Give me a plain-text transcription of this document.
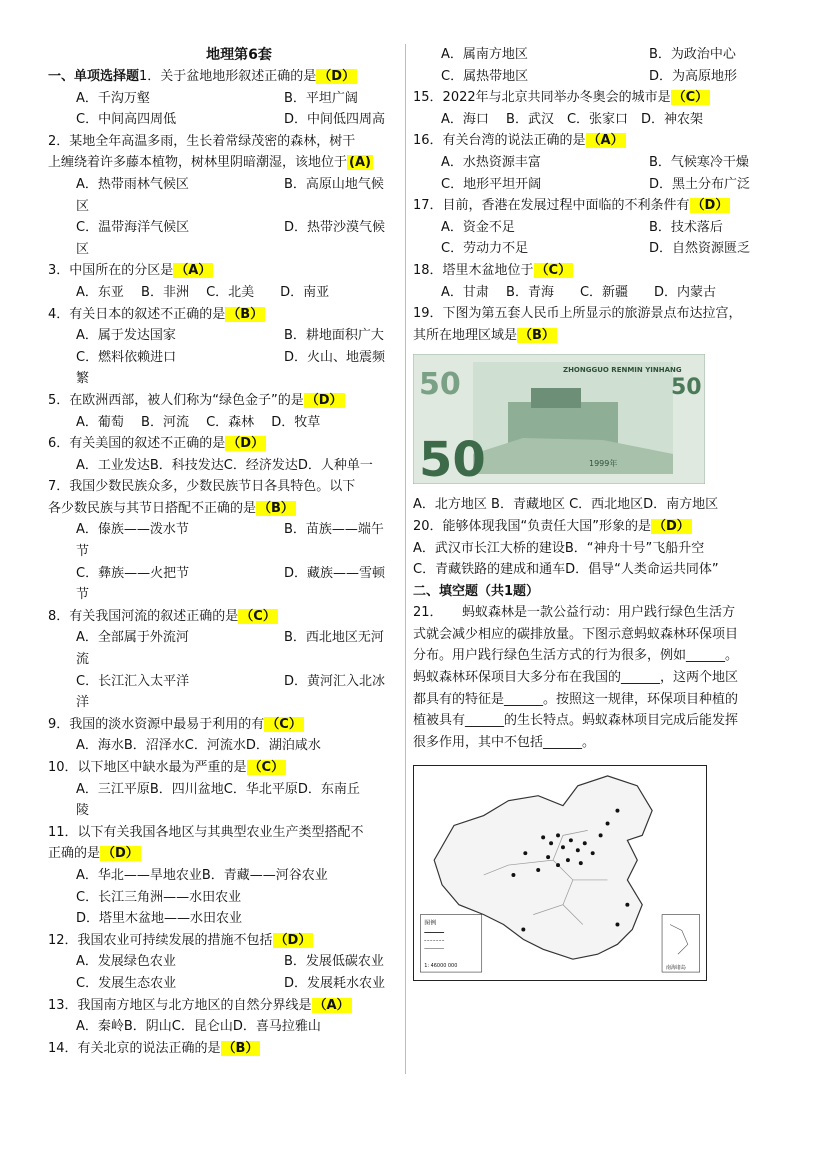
地理第6套
一、单项选择题1．关于盆地地形叙述正确的是 （D）
A．千沟万壑	B．平坦广阔
C．中间高四周低	D．中间低四周高
2．某地全年高温多雨，生长着常绿茂密的森林，树干
上缠绕着许多藤本植物，树林里阴暗潮湿，该地位于 (A)
A．热带雨林气候区	B．高原山地气候
区
C．温带海洋气候区	D．热带沙漠气候
区
3．中国所在的分区是 （A）
A．东亚　 B．非洲　 C．北美　　D．南亚
4．有关日本的叙述不正确的是 （B）
A．属于发达国家	B．耕地面积广大
C．燃料依赖进口	D．火山、地震频
繁
5．在欧洲西部，被人们称为“绿色金子”的是 （D）
A．葡萄　 B．河流　 C．森林　 D．牧草
6．有关美国的叙述不正确的是 （D）
A．工业发达B．科技发达C．经济发达D．人种单一
7．我国少数民族众多，少数民族节日各具特色。以下
各少数民族与其节日搭配不正确的是 （B）
A．傣族——泼水节	B．苗族——端午
节
C．彝族——火把节	D．藏族——雪顿
节
8．有关我国河流的叙述正确的是 （C）
A．全部属于外流河	B．西北地区无河
流
C．长江汇入太平洋	D．黄河汇入北冰
洋
9．我国的淡水资源中最易于利用的有 （C）
A．海水B．沼泽水C．河流水D．湖泊咸水
10．以下地区中缺水最为严重的是 （C）
A．三江平原B．四川盆地C．华北平原D．东南丘
陵
11．以下有关我国各地区与其典型农业生产类型搭配不
正确的是 （D）
A．华北——旱地农业B．青藏——河谷农业
C．长江三角洲——水田农业
D．塔里木盆地——水田农业
12．我国农业可持续发展的措施不包括 （D）
A．发展绿色农业	B．发展低碳农业
C．发展生态农业	D．发展耗水农业
13．我国南方地区与北方地区的自然分界线是 （A）
A．秦岭B．阴山C．昆仑山D．喜马拉雅山
14．有关北京的说法正确的是 （B）
A．属南方地区	B．为政治中心
C．属热带地区	D．为高原地形
15．2022年与北京共同举办冬奥会的城市是 （C）
A．海口　 B．武汉　C．张家口　D．神农架
16．有关台湾的说法正确的是 （A）
A．水热资源丰富	B．气候寒冷干燥
C．地形平坦开阔	D．黑土分布广泛
17．目前，香港在发展过程中面临的不利条件有 （D）
A．资金不足	B．技术落后
C．劳动力不足	D．自然资源匮乏
18．塔里木盆地位于 （C）
A．甘肃　 B．青海　　C．新疆　　D．内蒙古
19．下图为第五套人民币上所显示的旅游景点布达拉宫，
其所在地理区域是 （B）
50
50
ZHONGGUO RENMIN YINHANG
50
1999年
A．北方地区 B．青藏地区 C．西北地区D．南方地区
20．能够体现我国“负责任大国”形象的是 （D）
A．武汉市长江大桥的建设B．“神舟十号”飞船升空
C．青藏铁路的建成和通车D．倡导“人类命运共同体”
二、填空题（共1题）
21．　　蚂蚁森林是一款公益行动：用户践行绿色生活方
式就会减少相应的碳排放量。下图示意蚂蚁森林环保项目
分布。用户践行绿色生活方式的行为很多，例如______。
蚂蚁森林环保项目大多分布在我国的______，这两个地区
都具有的特征是______。按照这一规律，环保项目种植的
植被具有______的生长特点。蚂蚁森林项目完成后能发挥
很多作用，其中不包括______。
图例
1: 46000 000	南海诸岛
